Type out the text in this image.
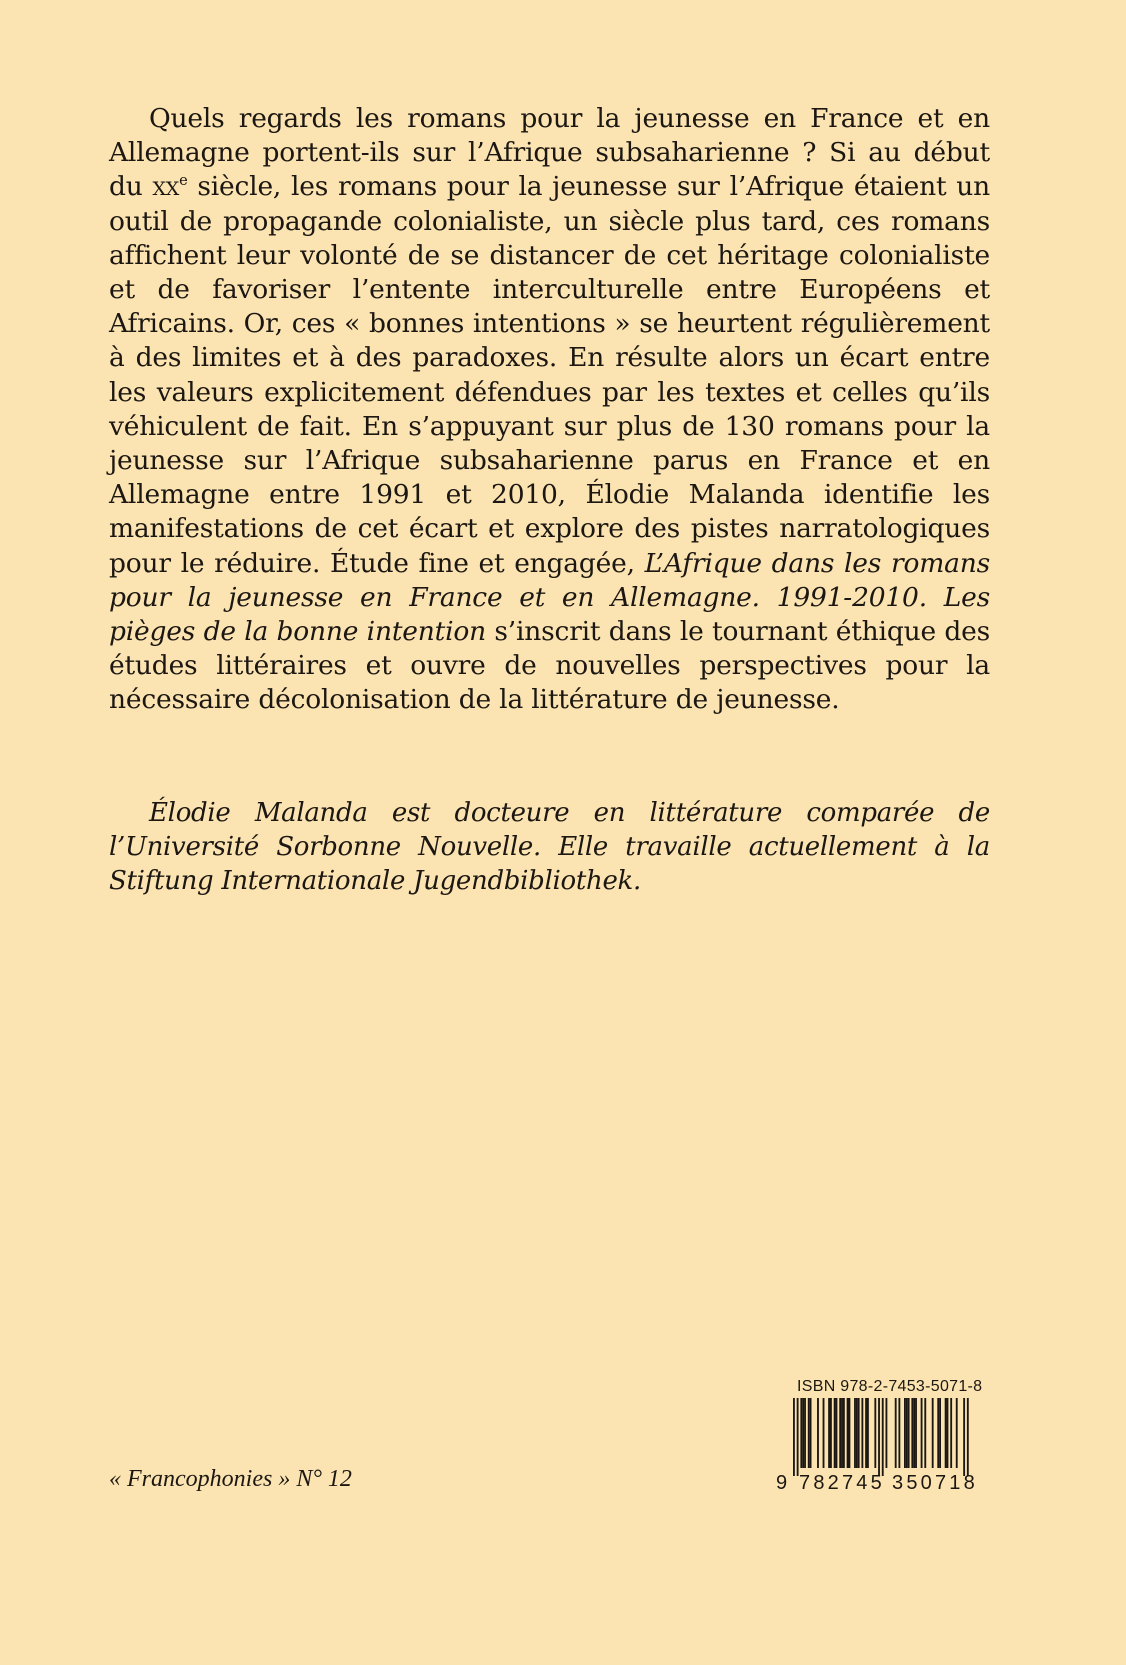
Quels regards les romans pour la jeunesse en France et en Allemagne portent-ils sur l’Afrique subsaharienne ? Si au début du $xx^e$ siècle, les romans pour la jeunesse sur l’Afrique étaient un outil de propagande colonialiste, un siècle plus tard, ces romans affichent leur volonté de se distancer de cet héritage colonialiste et de favoriser l’entente interculturelle entre Européens et Africains. Or, ces « bonnes intentions » se heurtent régulièrement à des limites et à des paradoxes. En résulte alors un écart entre les valeurs explicitement défendues par les textes et celles qu’ils véhiculent de fait. En s’appuyant sur plus de 130 romans pour la jeunesse sur l’Afrique subsaharienne parus en France et en Allemagne entre 1991 et 2010, Élodie Malanda identifie les manifestations de cet écart et explore des pistes narratologiques pour le réduire. Étude fine et engagée, L’Afrique dans les romans pour la jeunesse en France et en Allemagne. 1991-2010. Les pièges de la bonne intention s’inscrit dans le tournant éthique des études littéraires et ouvre de nouvelles perspectives pour la nécessaire décolonisation de la littérature de jeunesse.

Élodie Malanda est docteure en littérature comparée de l’Université Sorbonne Nouvelle. Elle travaille actuellement à la Stiftung Internationale Jugendbibliothek.

« Francophonies » N° 12

ISBN 978-2-7453-5071-8
9 782745 350718
